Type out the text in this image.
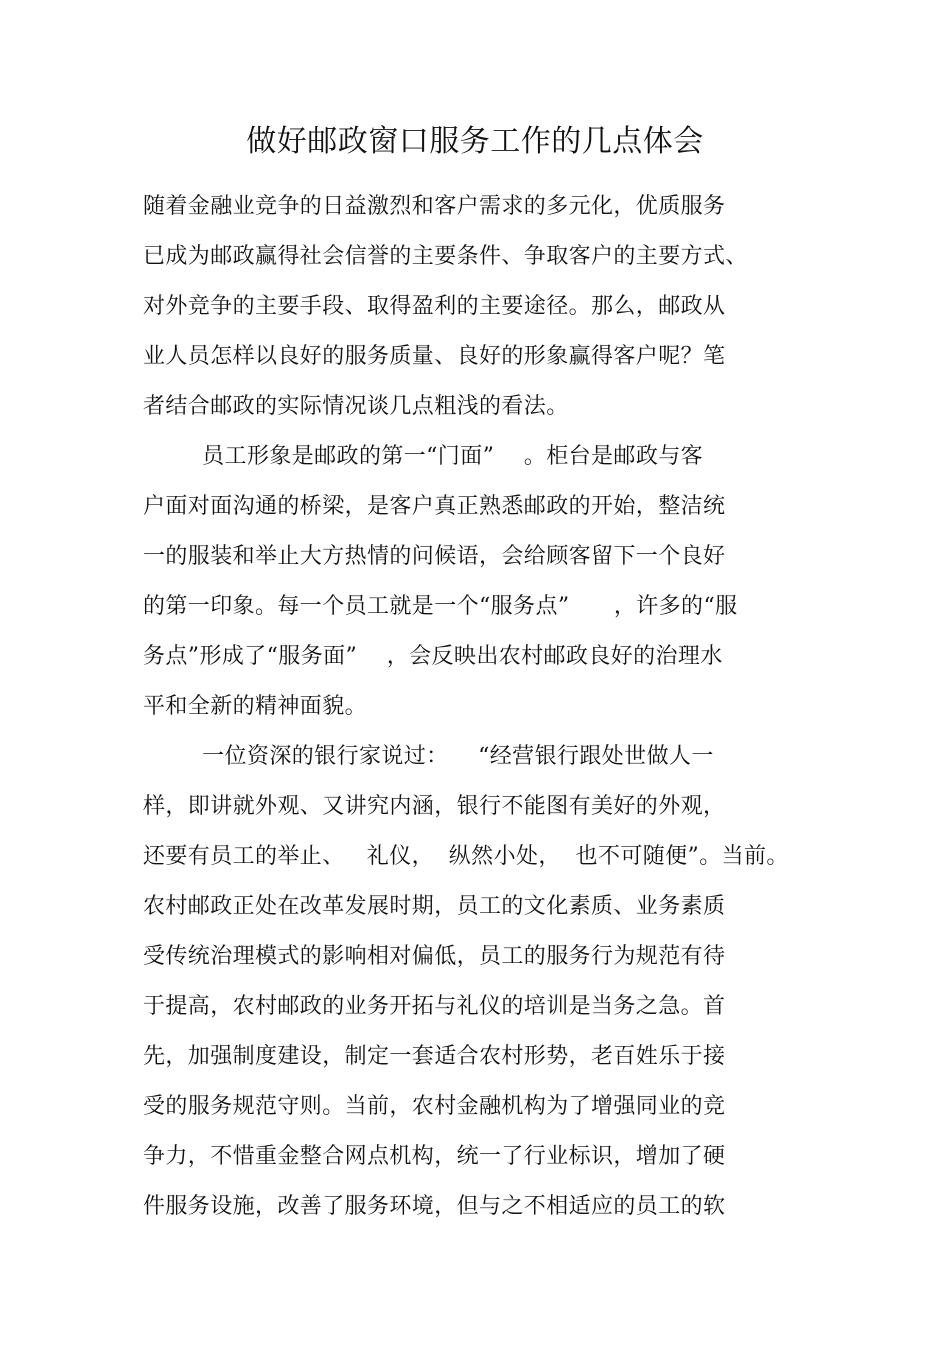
做好邮政窗口服务工作的几点体会
随着金融业竞争的日益激烈和客户需求的多元化，优质服务
已成为邮政赢得社会信誉的主要条件、争取客户的主要方式、
对外竞争的主要手段、取得盈利的主要途径。那么，邮政从
业人员怎样以良好的服务质量、良好的形象赢得客户呢？笔
者结合邮政的实际情况谈几点粗浅的看法。
员工形象是邮政的第一“门面”    。柜台是邮政与客
户面对面沟通的桥梁，是客户真正熟悉邮政的开始，整洁统
一的服装和举止大方热情的问候语，会给顾客留下一个良好
的第一印象。每一个员工就是一个“服务点”      ，许多的“服
务点”形成了“服务面”    ，会反映出农村邮政良好的治理水
平和全新的精神面貌。
一位资深的银行家说过：    “经营银行跟处世做人一
样，即讲就外观、又讲究内涵，银行不能图有美好的外观，
还要有员工的举止、   礼仪，  纵然小处，  也不可随便”。当前。
农村邮政正处在改革发展时期，员工的文化素质、业务素质
受传统治理模式的影响相对偏低，员工的服务行为规范有待
于提高，农村邮政的业务开拓与礼仪的培训是当务之急。首
先，加强制度建设，制定一套适合农村形势，老百姓乐于接
受的服务规范守则。当前，农村金融机构为了增强同业的竞
争力，不惜重金整合网点机构，统一了行业标识，增加了硬
件服务设施，改善了服务环境，但与之不相适应的员工的软
